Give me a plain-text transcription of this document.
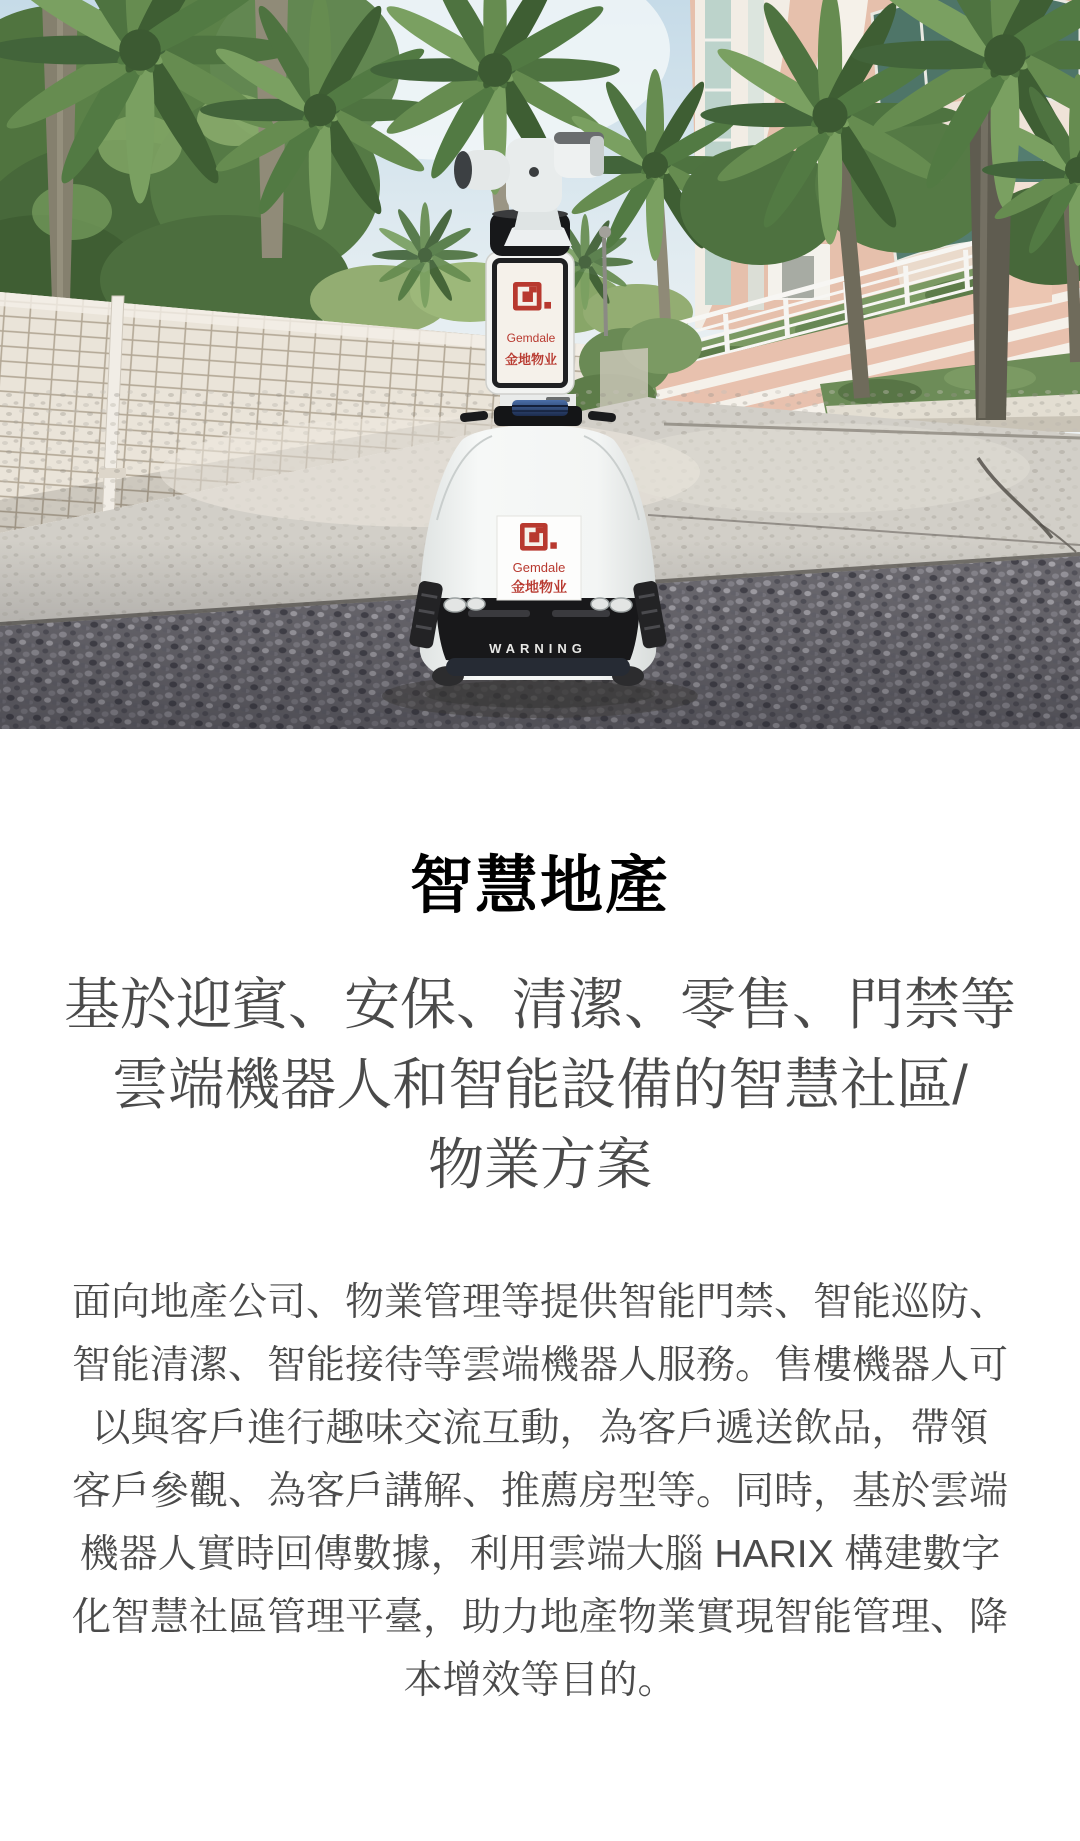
WARNING
Gemdale
金地物业
Gemdale
金地物业
智慧地產
基於迎賓、安保、清潔、零售、門禁等
雲端機器人和智能設備的智慧社區/
物業方案
面向地產公司、物業管理等提供智能門禁、智能巡防、
智能清潔、智能接待等雲端機器人服務。售樓機器人可
以與客戶進行趣味交流互動，為客戶遞送飲品，帶領
客戶參觀、為客戶講解、推薦房型等。同時，基於雲端
機器人實時回傳數據，利用雲端大腦 HARIX 構建數字
化智慧社區管理平臺，助力地產物業實現智能管理、降
本增效等目的。
